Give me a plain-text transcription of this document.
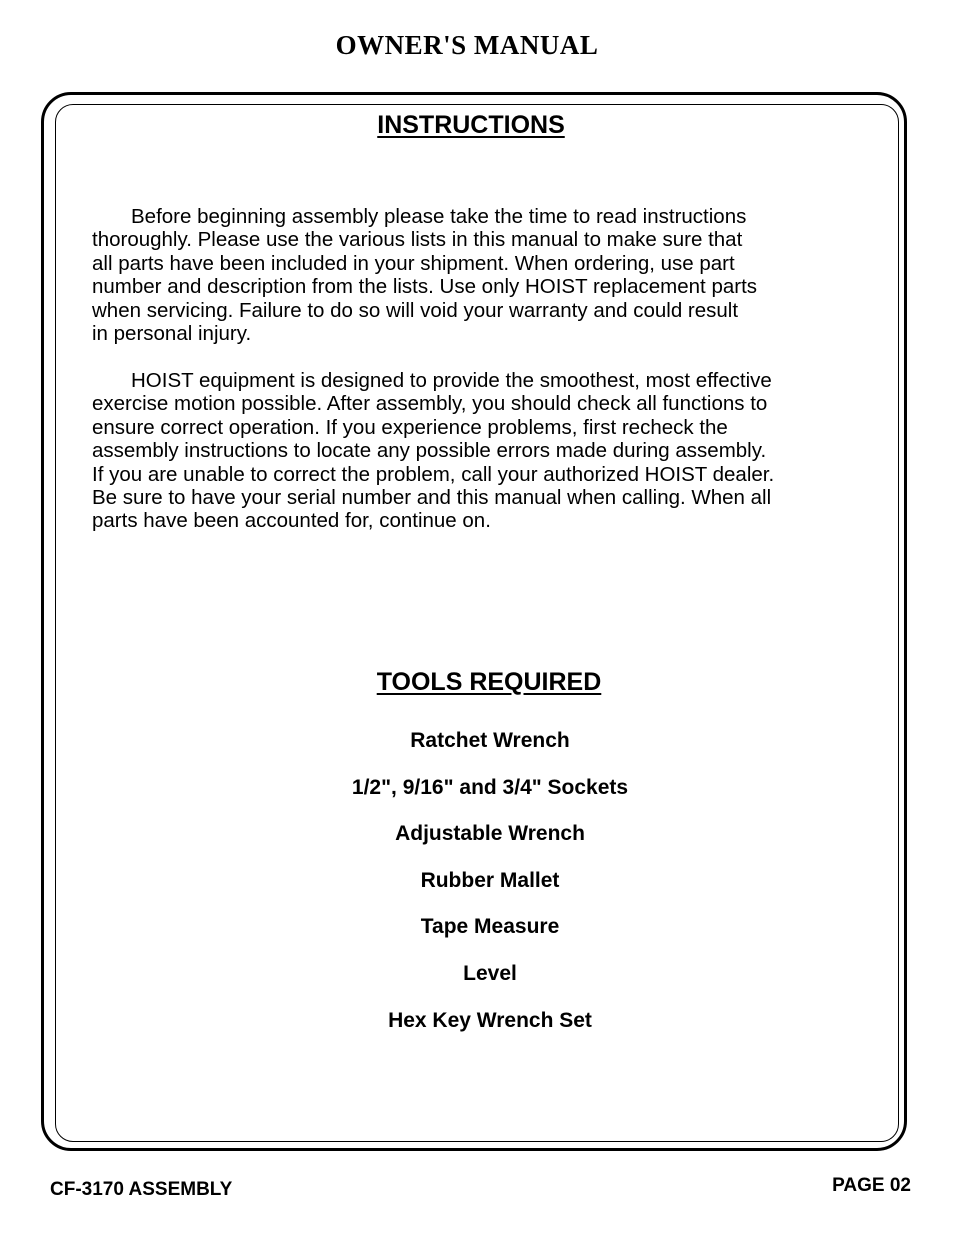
OWNER'S MANUAL
INSTRUCTIONS

Before beginning assembly please take the time to read instructions
thoroughly. Please use the various lists in this manual to make sure that
all parts have been included in your shipment. When ordering, use part
number and description from the lists. Use only HOIST replacement parts
when servicing. Failure to do so will void your warranty and could result
in personal injury.

HOIST equipment is designed to provide the smoothest, most effective
exercise motion possible. After assembly, you should check all functions to
ensure correct operation. If you experience problems, first recheck the
assembly instructions to locate any possible errors made during assembly.
If you are unable to correct the problem, call your authorized HOIST dealer.
Be sure to have your serial number and this manual when calling. When all
parts have been accounted for, continue on.

TOOLS REQUIRED
Ratchet Wrench
1/2", 9/16" and 3/4" Sockets
Adjustable Wrench
Rubber Mallet
Tape Measure
Level
Hex Key Wrench Set
CF-3170 ASSEMBLY	PAGE 02
